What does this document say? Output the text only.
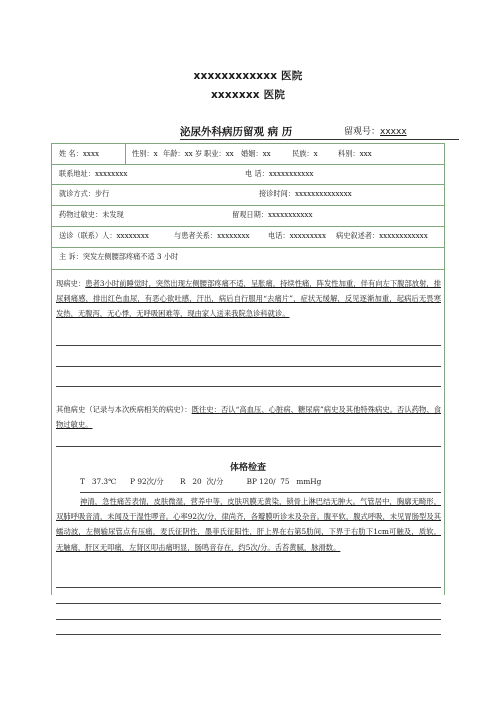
xxxxxxxxxxxx 医院
xxxxxxx 医院
泌尿外科病历留观 病 历	留观号：xxxxx
姓 名：xxxx	性别：x 年龄：xx 岁 职业：xx 婚姻：xx	民族：x	科别：xxx
联系地址：xxxxxxxx	电 话：xxxxxxxxxxx
就诊方式：步行	接诊时间：xxxxxxxxxxxxxx
药物过敏史：未发现	留观日期：xxxxxxxxxxx
送诊（联系）人：xxxxxxxx	与患者关系：xxxxxxxx	电话：xxxxxxxxx 病史叙述者：xxxxxxxxxxxx
主 诉：突发左侧腰部疼痛不适 3 小时
现病史：患者3小时前睡觉时，突然出现左侧腰部疼痛不适，呈胀痛，持续性痛，阵发性加重，伴有向左下腹部放射，排尿刺痛感，排出红色血尿，有恶心欲吐感，汗出，病后自行服用“去痛片”，症状无缓解，反见逐渐加重，起病后无畏寒发热，无腹泻，无心悸，无呼吸困难等，现由家人送来我院急诊科就诊。
其他病史（记录与本次疾病相关的病史）：既往史：否认“高血压、心脏病、糖尿病”病史及其他特殊病史。否认药物、食物过敏史。
体格检查
T   37.3℃      P 92次/分       R   20  次/分          BP 120/  75   mmHg
神清，急性痛苦表情，皮肤微湿，营养中等，皮肤巩膜无黄染，锁骨上淋巴结无肿大。气管居中，胸廓无畸形，双肺呼吸音清，未闻及干湿性啰音。心率92次/分，律尚齐，各瓣膜听诊未及杂音。腹平软，腹式呼吸，未见胃肠型及其蠕动波，左侧输尿管点有压痛，麦氏征阴性，墨菲氏征阳性，肝上界在右第5肋间，下界于右肋下1cm可触及，质软，无触痛，肝区无叩痛，左肾区叩击痛明显，肠鸣音存在，约5次/分。舌苔黄腻，脉滑数。
